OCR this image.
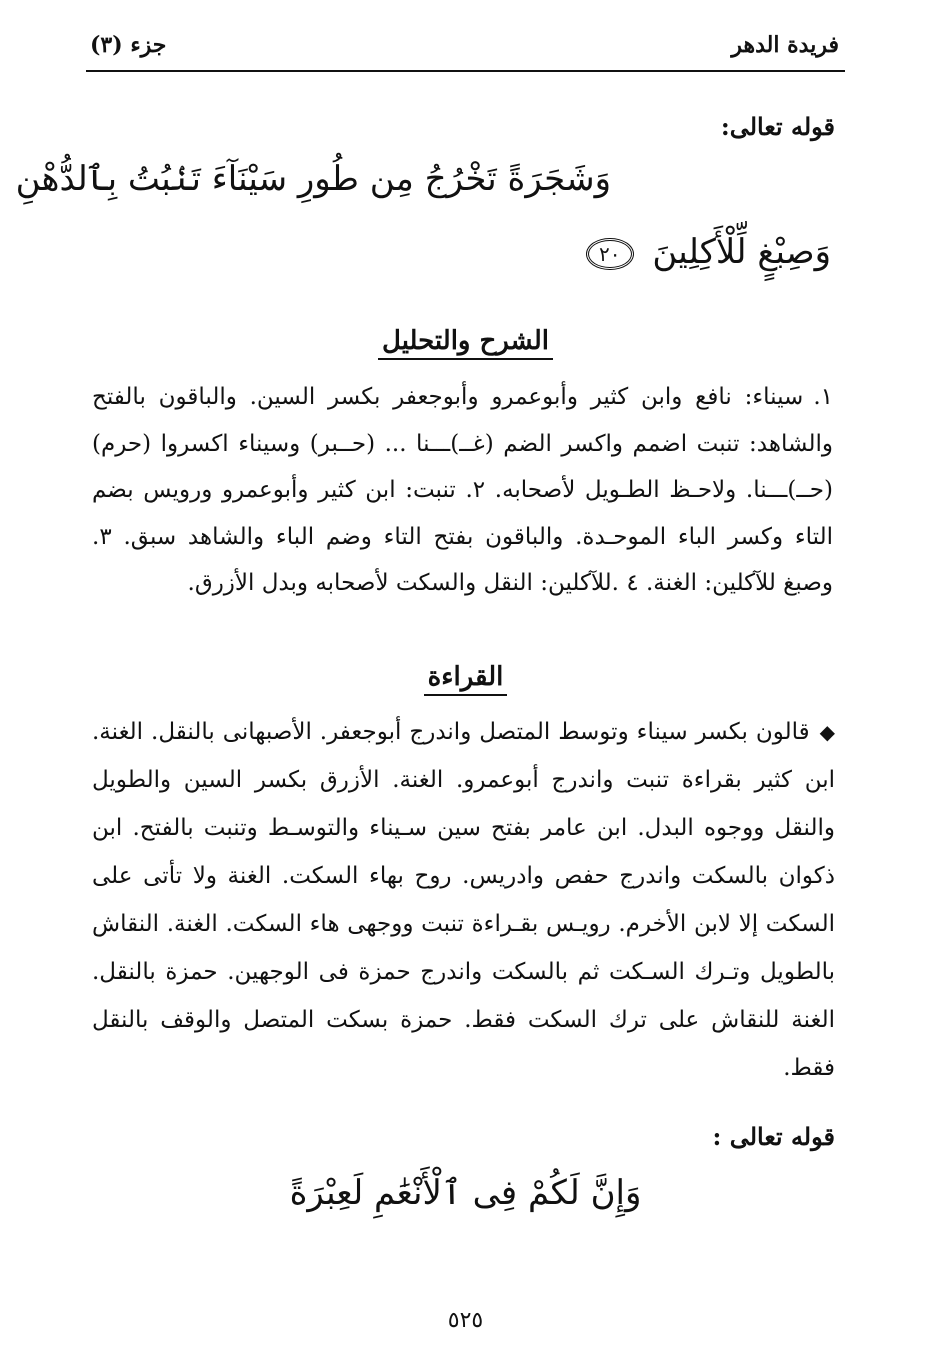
فريدة الدهر
جزء (٣)
قوله تعالى:
وَشَجَرَةً تَخْرُجُ مِن طُورِ سَيْنَآءَ تَنۢبُتُ بِٱلدُّهْنِ
وَصِبْغٍ لِّلْأَكِلِينَ ٢٠
الشرح والتحليل
١.سيناء: نافع وابن كثير وأبوعمرو وأبوجعفر بكسر السين. والباقون بالفتح والشاهد: تنبت اضمم واكسر الضم (غــ)ـــنا ... (حــبر) وسيناء اكسروا (حرم) (حــ)ـــنا. ولاحـظ الطـويل لأصحابه. ٢. تنبت: ابن كثير وأبوعمرو ورويس بضم التاء وكسر الباء الموحـدة. والباقون بفتح التاء وضم الباء والشاهد سبق. ٣. وصبغ للآكلين: الغنة. ٤ .للآكلين: النقل والسكت لأصحابه وبدل الأزرق.
القراءة
◆قالون بكسر سيناء وتوسط المتصل واندرج أبوجعفر. الأصبهانى بالنقل. الغنة. ابن كثير بقراءة تنبت واندرج أبوعمرو. الغنة. الأزرق بكسر السين والطويل والنقل ووجوه البدل. ابن عامر بفتح سين سـيناء والتوسـط وتنبت بالفتح. ابن ذكوان بالسكت واندرج حفص وادريس. روح بهاء السكت. الغنة ولا تأتى على السكت إلا لابن الأخرم. رويـس بقـراءة تنبت ووجهى هاء السكت. الغنة. النقاش بالطويل وتـرك السـكت ثم بالسكت واندرج حمزة فى الوجهين. حمزة بالنقل. الغنة للنقاش على ترك السكت فقط. حمزة بسكت المتصل والوقف بالنقل فقط.
قوله تعالى :
وَإِنَّ لَكُمْ فِى ٱلْأَنْعَٰمِ لَعِبْرَةً
٥٢٥
